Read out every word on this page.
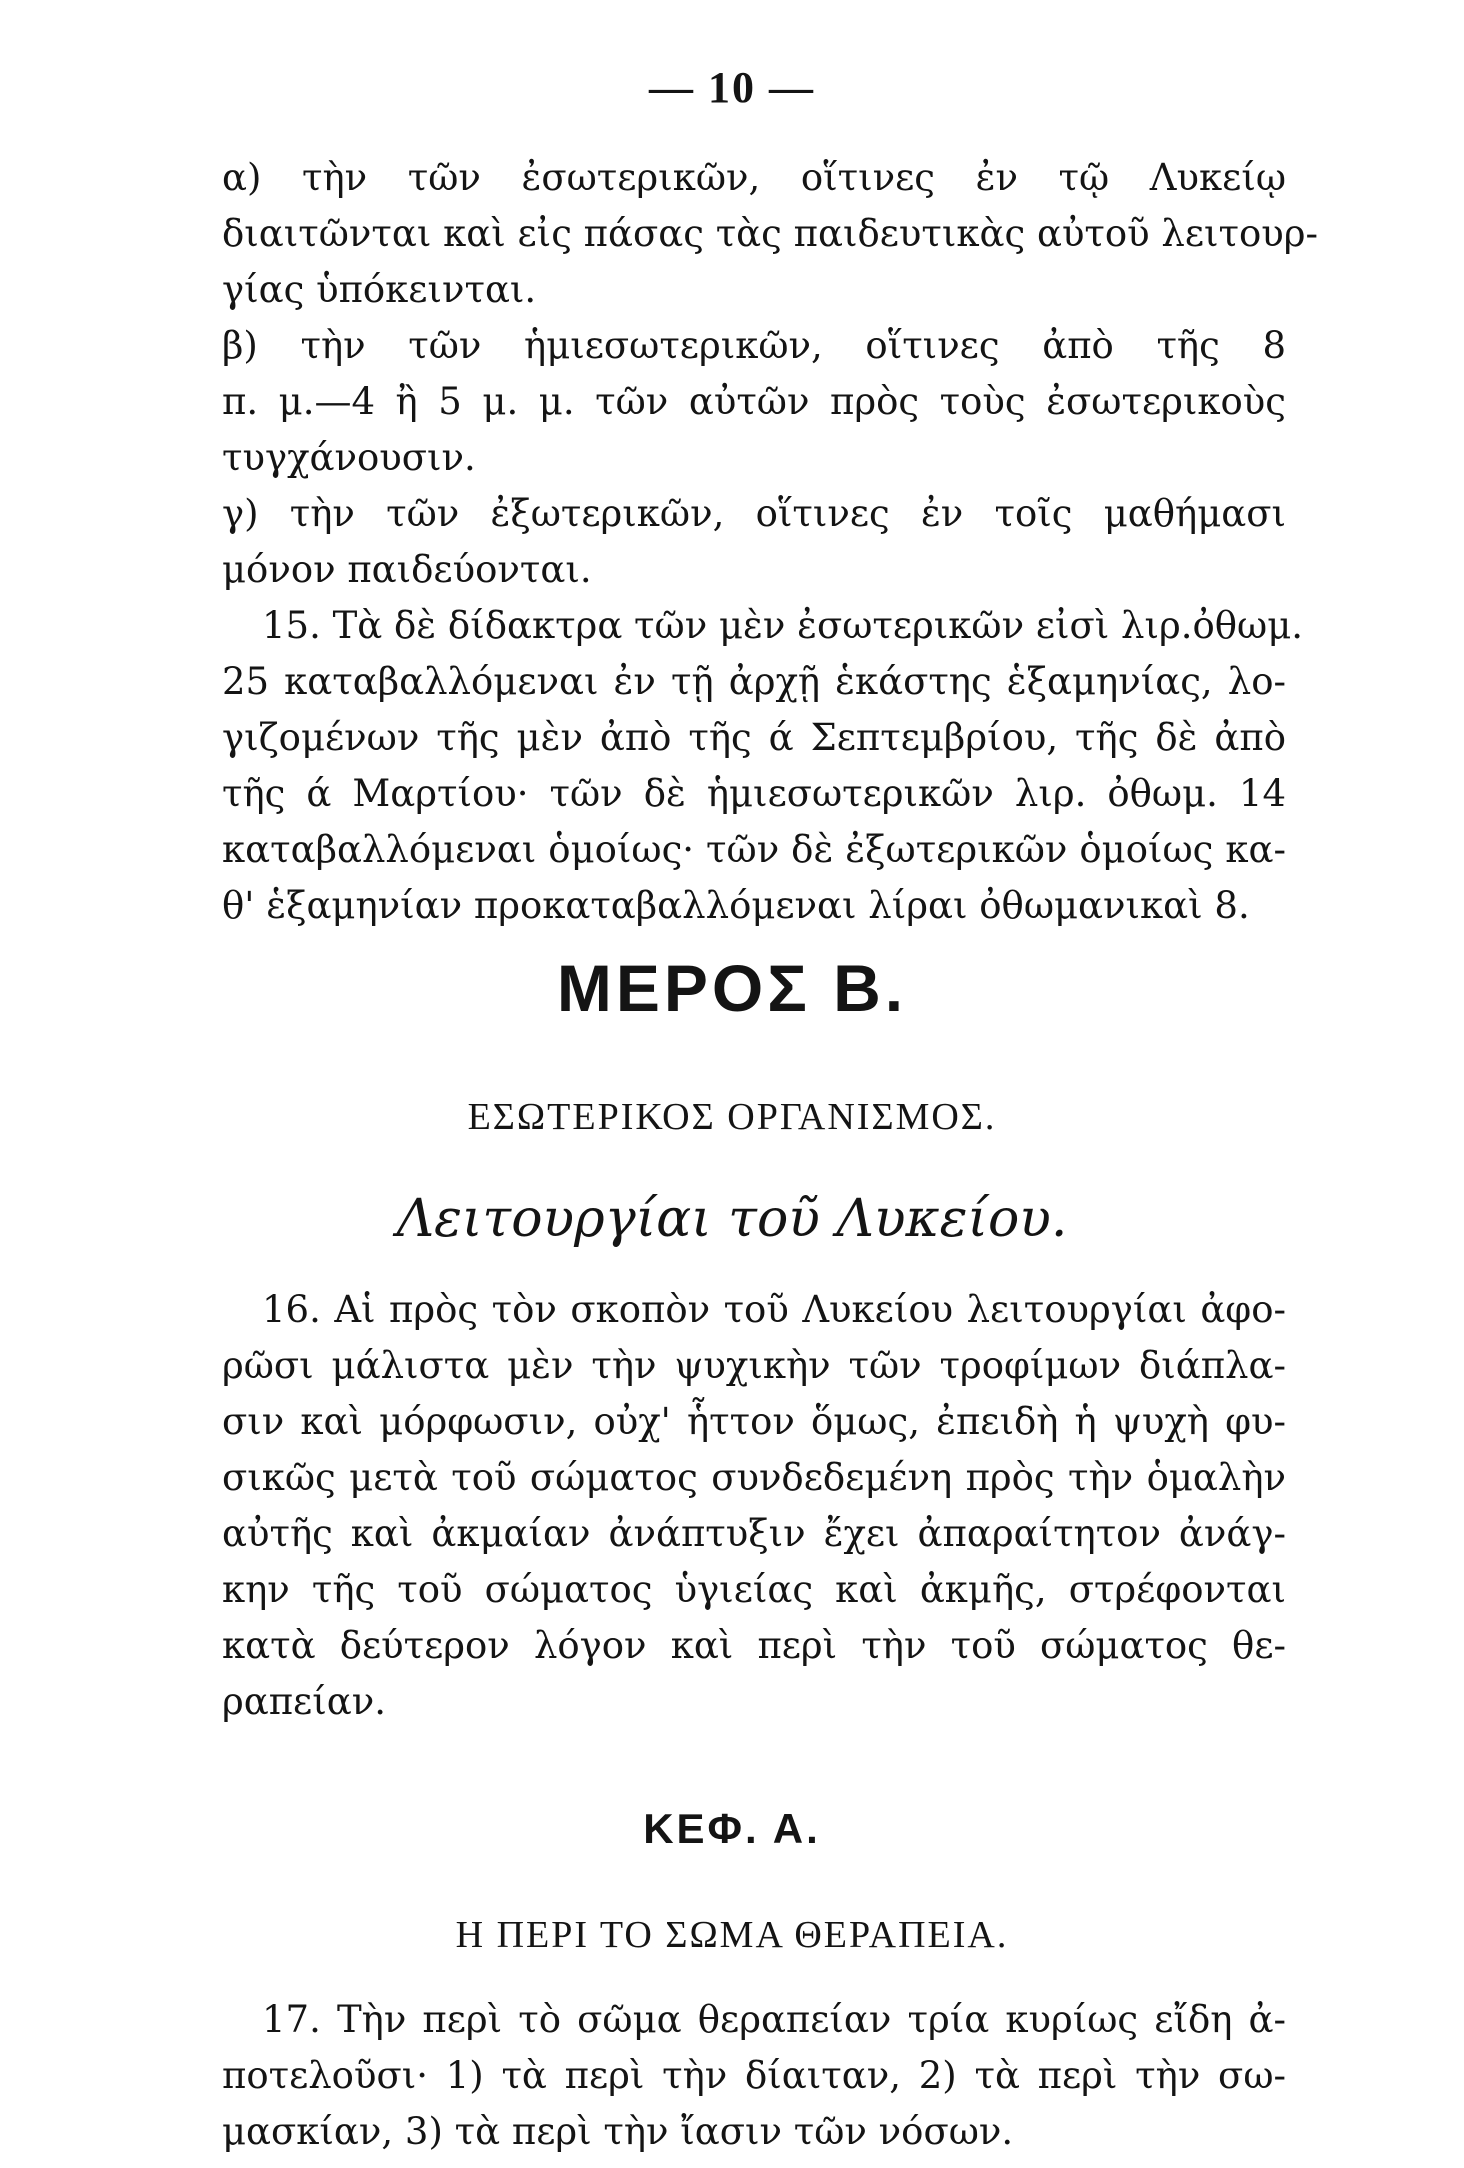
— 10 —
α) τὴν τῶν ἐσωτερικῶν, οἵτινες ἐν τῷ Λυκείῳ
διαιτῶνται καὶ εἰς πάσας τὰς παιδευτικὰς αὐτοῦ λειτουρ-
γίας ὑπόκεινται.
β) τὴν τῶν ἡμιεσωτερικῶν, οἵτινες ἀπὸ τῆς 8
π. μ.—4 ἢ 5 μ. μ. τῶν αὐτῶν πρὸς τοὺς ἐσωτερικοὺς
τυγχάνουσιν.
γ) τὴν τῶν ἐξωτερικῶν, οἵτινες ἐν τοῖς μαθήμασι
μόνον παιδεύονται.
15. Τὰ δὲ δίδακτρα τῶν μὲν ἐσωτερικῶν εἰσὶ λιρ.ὀθωμ.
25 καταβαλλόμεναι ἐν τῇ ἀρχῇ ἑκάστης ἑξαμηνίας, λο-
γιζομένων τῆς μὲν ἀπὸ τῆς ά Σεπτεμβρίου, τῆς δὲ ἀπὸ
τῆς ά Μαρτίου· τῶν δὲ ἡμιεσωτερικῶν λιρ. ὀθωμ. 14
καταβαλλόμεναι ὁμοίως· τῶν δὲ ἐξωτερικῶν ὁμοίως κα-
θ' ἑξαμηνίαν προκαταβαλλόμεναι λίραι ὀθωμανικαὶ 8.
ΜΕΡΟΣ Β.
ΕΣΩΤΕΡΙΚΟΣ ΟΡΓΑΝΙΣΜΟΣ.
Λειτουργίαι τοῦ Λυκείου.
16. Αἱ πρὸς τὸν σκοπὸν τοῦ Λυκείου λειτουργίαι ἀφο-
ρῶσι μάλιστα μὲν τὴν ψυχικὴν τῶν τροφίμων διάπλα-
σιν καὶ μόρφωσιν, οὐχ' ἧττον ὅμως, ἐπειδὴ ἡ ψυχὴ φυ-
σικῶς μετὰ τοῦ σώματος συνδεδεμένη πρὸς τὴν ὁμαλὴν
αὐτῆς καὶ ἀκμαίαν ἀνάπτυξιν ἔχει ἀπαραίτητον ἀνάγ-
κην τῆς τοῦ σώματος ὑγιείας καὶ ἀκμῆς, στρέφονται
κατὰ δεύτερον λόγον καὶ περὶ τὴν τοῦ σώματος θε-
ραπείαν.
ΚΕΦ. Α.
Η ΠΕΡΙ ΤΟ ΣΩΜΑ ΘΕΡΑΠΕΙΑ.
17. Τὴν περὶ τὸ σῶμα θεραπείαν τρία κυρίως εἴδη ἀ-
ποτελοῦσι· 1) τὰ περὶ τὴν δίαιταν, 2) τὰ περὶ τὴν σω-
μασκίαν, 3) τὰ περὶ τὴν ἴασιν τῶν νόσων.
